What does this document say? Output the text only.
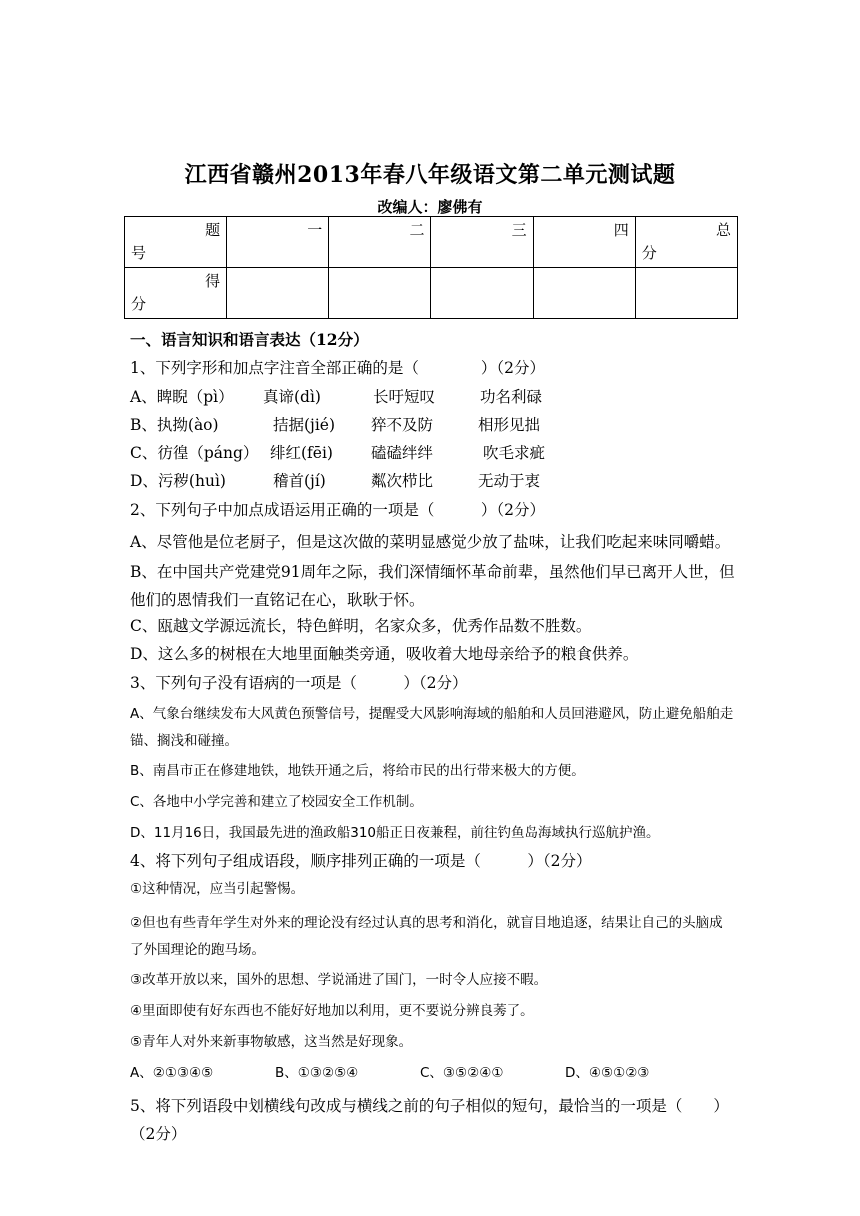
江西省赣州2013年春八年级语文第二单元测试题
改编人：廖佛有
题
号	一	二	三	四	总
分

得
分					

一、语言知识和语言表达（12分）
1、下列字形和加点字注音全部正确的是（　　　　）（2分）
A、睥睨（pì） 真谛(dì)	长吁短叹	功名利碌
B、执拗(ào)	拮据(jié) 猝不及防	相形见拙
C、彷徨（páng） 绯红(fēi) 磕磕绊绊	吹毛求疵
D、污秽(huì)	稽首(jí)	粼次栉比	无动于衷
2、下列句子中加点成语运用正确的一项是（　　　）（2分）
A、尽管他是位老厨子，但是这次做的菜明显感觉少放了盐味，让我们吃起来味同嚼蜡。
B、在中国共产党建党91周年之际，我们深情缅怀革命前辈，虽然他们早已离开人世，但他们的恩情我们一直铭记在心，耿耿于怀。
C、瓯越文学源远流长，特色鲜明，名家众多，优秀作品数不胜数。
D、这么多的树根在大地里面触类旁通，吸收着大地母亲给予的粮食供养。
3、下列句子没有语病的一项是（　　　）（2分）
A、气象台继续发布大风黄色预警信号，提醒受大风影响海域的船舶和人员回港避风，防止避免船舶走锚、搁浅和碰撞。
B、南昌市正在修建地铁，地铁开通之后，将给市民的出行带来极大的方便。
C、各地中小学完善和建立了校园安全工作机制。
D、11月16日，我国最先进的渔政船310船正日夜兼程，前往钓鱼岛海域执行巡航护渔。
4、将下列句子组成语段，顺序排列正确的一项是（　　　）（2分）
①这种情况，应当引起警惕。
②但也有些青年学生对外来的理论没有经过认真的思考和消化，就盲目地追逐，结果让自己的头脑成了外国理论的跑马场。
③改革开放以来，国外的思想、学说涌进了国门，一时令人应接不暇。
④里面即使有好东西也不能好好地加以利用，更不要说分辨良莠了。
⑤青年人对外来新事物敏感，这当然是好现象。
A、②①③④⑤	B、①③②⑤④	C、③⑤②④①	D、④⑤①②③
5、将下列语段中划横线句改成与横线之前的句子相似的短句，最恰当的一项是（　　）（2分）
